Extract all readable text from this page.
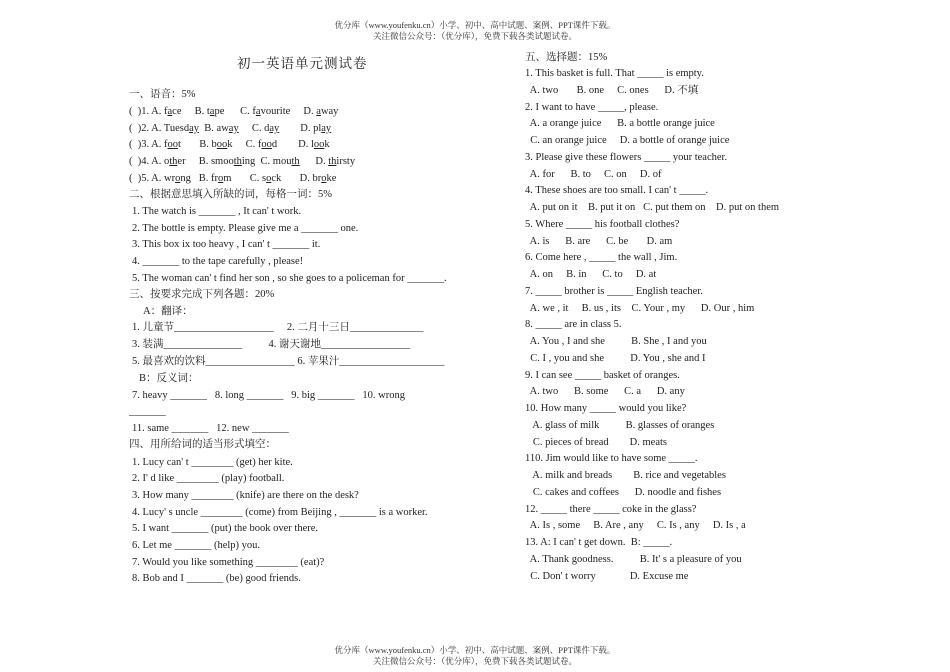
优分库（www.youfenku.cn）小学、初中、高中试题、案例、PPT课件下载。
关注微信公众号：（优分库），免费下载各类试题试卷。
初一英语单元测试卷
一、语音：5%
(  )1. A. face     B. tape      C. favourite     D. away
(  )2. A. Tuesday  B. away     C. day        D. play
(  )3. A. foot       B. book     C. food        D. look
(  )4. A. other     B. smoothing  C. mouth      D. thirsty
(  )5. A. wrong   B. from       C. sock       D. broke
二、根据意思填入所缺的词，每格一词：5%
1. The watch is _______ , It can' t work.
2. The bottle is empty. Please give me a _______ one.
3. This box ix too heavy , I can' t _______ it.
4. _______ to the tape carefully , please!
5. The woman can' t find her son , so she goes to a policeman for _______.
三、按要求完成下列各题：20%
A：翻译：
1. 儿童节___________________     2. 二月十三日______________
3. 装满_______________          4. 谢天谢地_________________
5. 最喜欢的饮料_________________ 6. 苹果汁____________________
B：反义词：
7. heavy _______   8. long _______   9. big _______   10. wrong
_______
11. same _______   12. new _______
四、用所给词的适当形式填空：
1. Lucy can' t ________ (get) her kite.
2. I' d like ________ (play) football.
3. How many ________ (knife) are there on the desk?
4. Lucy' s uncle ________ (come) from Beijing , _______ is a worker.
5. I want _______ (put) the book over there.
6. Let me _______ (help) you.
7. Would you like something ________ (eat)?
8. Bob and I _______ (be) good friends.
五、选择题：15%
1. This basket is full. That _____ is empty.
A. two       B. one     C. ones      D. 不填
2. I want to have _____, please.
A. a orange juice      B. a bottle orange juice
C. an orange juice     D. a bottle of orange juice
3. Please give these flowers _____ your teacher.
A. for      B. to     C. on     D. of
4. These shoes are too small. I can' t _____.
A. put on it    B. put it on   C. put them on    D. put on them
5. Where _____ his football clothes?
A. is      B. are      C. be       D. am
6. Come here , _____ the wall , Jim.
A. on     B. in      C. to     D. at
7. _____ brother is _____ English teacher.
A. we , it     B. us , its    C. Your , my      D. Our , him
8. _____ are in class 5.
A. You , I and she          B. She , I and you
C. I , you and she          D. You , she and I
9. I can see _____ basket of oranges.
A. two      B. some      C. a      D. any
10. How many _____ would you like?
A. glass of milk          B. glasses of oranges
C. pieces of bread        D. meats
110. Jim would like to have some _____.
A. milk and breads        B. rice and vegetables
C. cakes and coffees      D. noodle and fishes
12. _____ there _____ coke in the glass?
A. Is , some     B. Are , any     C. Is , any     D. Is , a
13. A: I can' t get down.  B: _____.
A. Thank goodness.          B. It' s a pleasure of you
C. Don' t worry             D. Excuse me
优分库（www.youfenku.cn）小学、初中、高中试题、案例、PPT课件下载。
关注微信公众号：（优分库），免费下载各类试题试卷。
